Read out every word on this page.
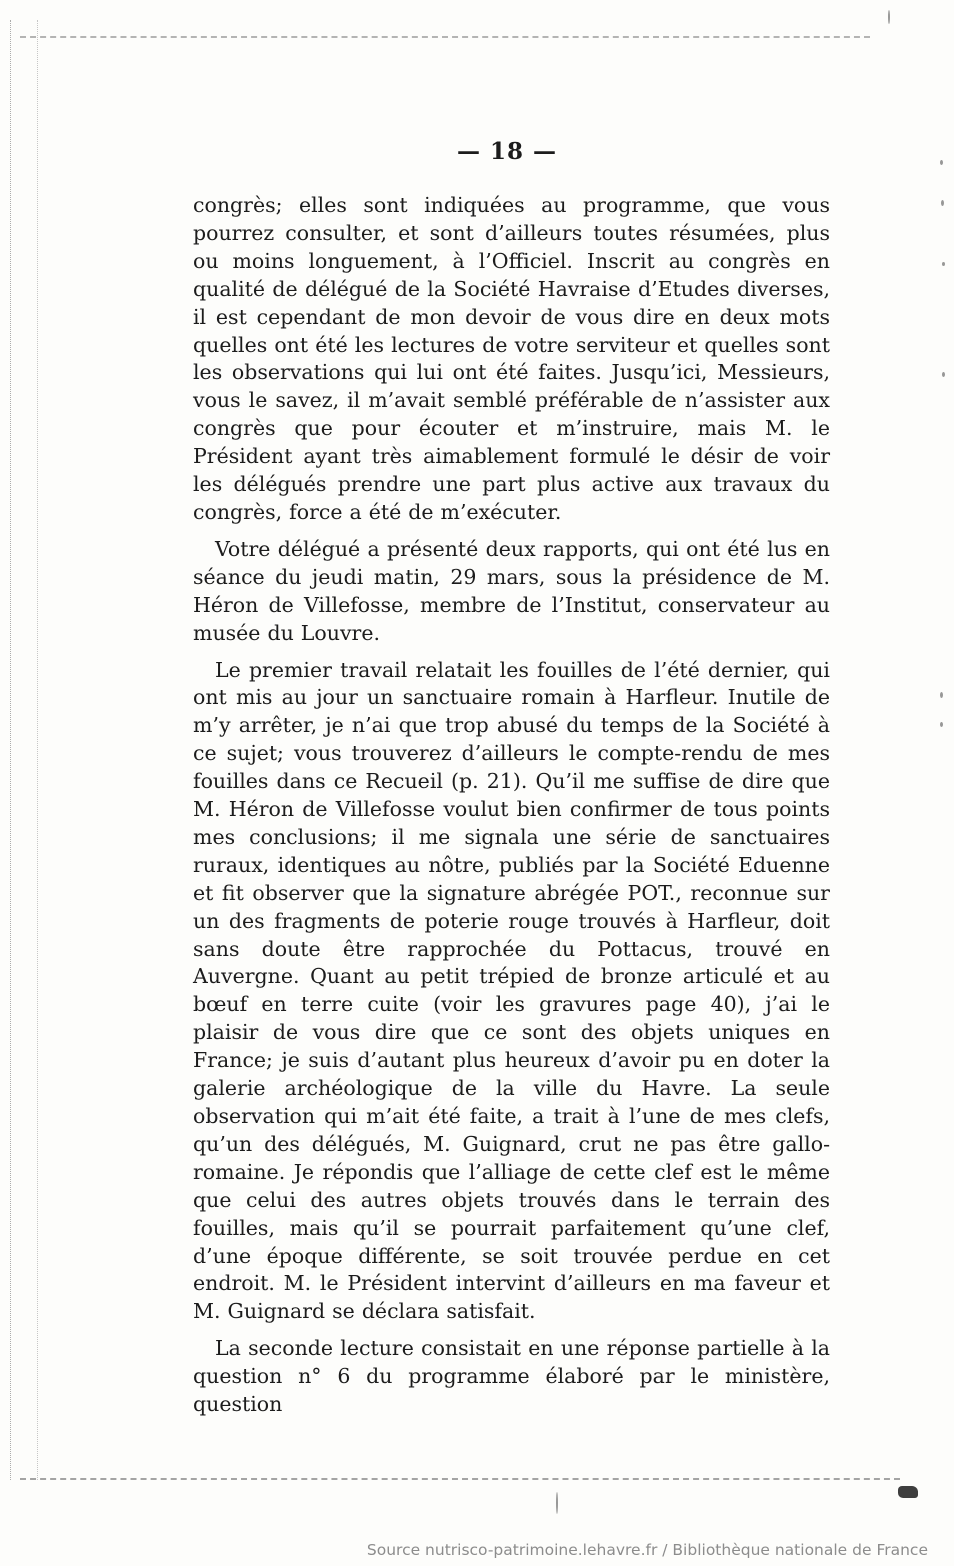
— 18 —

congrès; elles sont indiquées au programme, que vous pourrez consulter, et sont d’ailleurs toutes résumées, plus ou moins longuement, à l’Officiel. Inscrit au congrès en qualité de délégué de la Société Havraise d’Etudes diverses, il est cependant de mon devoir de vous dire en deux mots quelles ont été les lectures de votre serviteur et quelles sont les observations qui lui ont été faites. Jusqu’ici, Messieurs, vous le savez, il m’avait semblé préférable de n’assister aux congrès que pour écouter et m’instruire, mais M. le Président ayant très aimablement formulé le désir de voir les délégués prendre une part plus active aux travaux du congrès, force a été de m’exécuter.

Votre délégué a présenté deux rapports, qui ont été lus en séance du jeudi matin, 29 mars, sous la présidence de M. Héron de Villefosse, membre de l’Institut, conservateur au musée du Louvre.

Le premier travail relatait les fouilles de l’été dernier, qui ont mis au jour un sanctuaire romain à Harfleur. Inutile de m’y arrêter, je n’ai que trop abusé du temps de la Société à ce sujet; vous trouverez d’ailleurs le compte-rendu de mes fouilles dans ce Recueil (p. 21). Qu’il me suffise de dire que M. Héron de Villefosse voulut bien confirmer de tous points mes conclusions; il me signala une série de sanctuaires ruraux, identiques au nôtre, publiés par la Société Eduenne et fit observer que la signature abrégée POT., reconnue sur un des fragments de poterie rouge trouvés à Harfleur, doit sans doute être rapprochée du Pottacus, trouvé en Auvergne. Quant au petit trépied de bronze articulé et au bœuf en terre cuite (voir les gravures page 40), j’ai le plaisir de vous dire que ce sont des objets uniques en France; je suis d’autant plus heureux d’avoir pu en doter la galerie archéologique de la ville du Havre. La seule observation qui m’ait été faite, a trait à l’une de mes clefs, qu’un des délégués, M. Guignard, crut ne pas être gallo-romaine. Je répondis que l’alliage de cette clef est le même que celui des autres objets trouvés dans le terrain des fouilles, mais qu’il se pourrait parfaitement qu’une clef, d’une époque différente, se soit trouvée perdue en cet endroit. M. le Président intervint d’ailleurs en ma faveur et M. Guignard se déclara satisfait.

La seconde lecture consistait en une réponse partielle à la question n° 6 du programme élaboré par le ministère, question

Source nutrisco-patrimoine.lehavre.fr / Bibliothèque nationale de France
